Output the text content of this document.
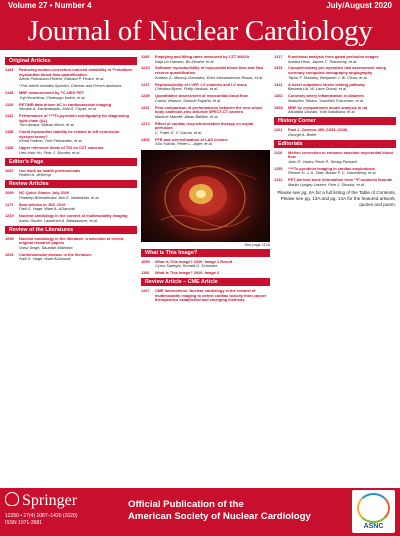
Volume 27 • Number 4	July/August 2020
Journal of Nuclear Cardiology
Original Articles
1164	Reducing motion-correction-induced variability in ⁸²rubidium myocardial blood-flow quantification
Alexis Poitrasson-Rivière, Edward P. Ficaro, et al.
*This article includes Spanish, Chinese and French abstracts
1138	MBF measurement by ¹¹C-HED PET
Yuji Hiroshima, Chietsugu Katoh, et al.
1126	PET/MR data driven AC in cardiovascular imaging
Nicolas A. Karakatsanis, Zahi A. Fayad, et al.
1141	Performance of ⁹⁹ᵐTc-pyrotinin scintigraphy for diagnosing light chain (AL)
Toru Awaya, Masao Moroi, et al.
1158	Could myocardial viability be related to left ventricular dyssynchrony?
Kenia Padrón, Yoel Fernandez, et al.
1168	Upper reference limits of TID on CZT cameras
Lien-Hsin Hu, Piotr J. Slomka, et al.
Editor's Page
1087	Our work as health professionals
Robert A. deKemp
Review Articles
1089	NC Quick Glance July 2020
Pradeep Bhambhvani, Ami E. Iskandrian, et al.
1171	Best articles in JNC 2019
Fadi G. Hage, Wael A. AlJaroudi
1219	Nuclear cardiology in the context of multimodality imaging
Aaron Soufer, Lawrence A. Baldassarre, et al.
Review of the Literatures
1095	Nuclear cardiology in the literature: a selection of recent, original research papers
Vasvi Singh, Saurabh Malhotra
1092	Cardiovascular disease in the literature
Fadi G. Hage, Wael AlJaroudi
1193	Emptying and filling rates measured by CZT MUGA
Naja Liv Hansen, Bo Zerahn, et al.
1223	Software reproducibility of myocardial blood flow and flow reserve quantification
Andrea G. Monroy-Gonzalez, Erick Alexanderson-Rosas, et al.
1237	Reproducibility of LVEF, LV volumes and LV mass
Christina Byrne, Philip Hasbak, et al.
1249	Quantitative assessment of myocardial blood flow
Carlos Velasco, Samuel España, et al.
1261	First comparison of performances between the new whole body cadmium-zinc-telluride SPECT-CT camera
Maxime Marelle, Alban Bailliez, et al.
1274	Effect of cardiac resynchronization therapy on septal perfusion
C. Patel, E. V. Garcia, et al.
1306	FFR and overestimation of LAD lesions
Shu Yokota, Pieter L. Jager, et al.
See page 1126
What is This Image?
1099	What Is This Image? 2020: Image 1 Result
Cyrus Sadeghi, Ronald G. Schwartz
1100	What Is This Image? 2020: Image 2
Review Article – CME Article
1267	CME Instructions: Nuclear cardiology in the context of multimodality imaging to detect cardiac toxicity from cancer therapeutics established and emerging methods
1317	Functional analysis from gated perfusion images
Annika Hess, James T. Thackeray, et al.
1331	Complementary pre-operative risk assessment using coronary computed tomography angiography
Taylor F. Dowsley, Benjamin J. W. Chow, et al.
1341	A novel outpatient stress testing pathway
Besiana Liti, W. Lane Duvall, et al.
1352	Coronary artery inflammation in diabetes
Nobuhiro Tahara, Yoshihiro Fukumoto, et al.
1368	MBF by compartment model analysis in rat
Atsutaka Okizaki, Yuto Nakahara, et al.
History Corner
1101	Paul J. Cannon, MD (1933–2018)
George A. Beller
Editorials
1116	Motion correction to enhance absolute myocardial blood flow
John R. Votaw, René R. Sevag Packard
1155	⁹⁹ᵐTc-pyrotinin imaging in cardiac amyloidosis
Riemer H. J. A. Slart, Bouke P. C. Hazenberg, et al.
1142	PET-derived bone information from ¹⁸F-sodium3 fluoride
Martin Lyngby Lassen, Piotr J. Slomka, et al.
Please see pg. 6A for a full listing of the Table of Contents.
Please see pg. 13A and pg. 14A for the featured artwork, quotes and poem.
Springer
12350 • 27(4) 1087–1420 (2020)
ISSN 1071-3581
Official Publication of the
American Society of Nuclear Cardiology
ASNC
